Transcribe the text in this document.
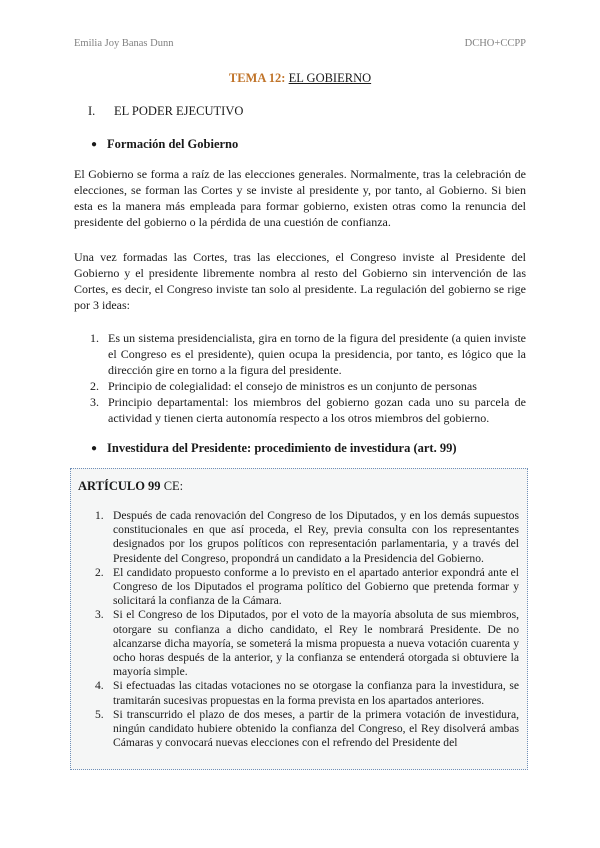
Emilia Joy Banas Dunn	DCHO+CCPP
TEMA 12: EL GOBIERNO
I. EL PODER EJECUTIVO
● Formación del Gobierno

El Gobierno se forma a raíz de las elecciones generales. Normalmente, tras la celebración de elecciones, se forman las Cortes y se inviste al presidente y, por tanto, al Gobierno. Si bien esta es la manera más empleada para formar gobierno, existen otras como la renuncia del presidente del gobierno o la pérdida de una cuestión de confianza.

Una vez formadas las Cortes, tras las elecciones, el Congreso inviste al Presidente del Gobierno y el presidente libremente nombra al resto del Gobierno sin intervención de las Cortes, es decir, el Congreso inviste tan solo al presidente. La regulación del gobierno se rige por 3 ideas:

1. Es un sistema presidencialista, gira en torno de la figura del presidente (a quien inviste el Congreso es el presidente), quien ocupa la presidencia, por tanto, es lógico que la dirección gire en torno a la figura del presidente.
2. Principio de colegialidad: el consejo de ministros es un conjunto de personas
3. Principio departamental: los miembros del gobierno gozan cada uno su parcela de actividad y tienen cierta autonomía respecto a los otros miembros del gobierno.
● Investidura del Presidente: procedimiento de investidura (art. 99)
ARTÍCULO 99 CE:
1. Después de cada renovación del Congreso de los Diputados, y en los demás supuestos constitucionales en que así proceda, el Rey, previa consulta con los representantes designados por los grupos políticos con representación parlamentaria, y a través del Presidente del Congreso, propondrá un candidato a la Presidencia del Gobierno.
2. El candidato propuesto conforme a lo previsto en el apartado anterior expondrá ante el Congreso de los Diputados el programa político del Gobierno que pretenda formar y solicitará la confianza de la Cámara.
3. Si el Congreso de los Diputados, por el voto de la mayoría absoluta de sus miembros, otorgare su confianza a dicho candidato, el Rey le nombrará Presidente. De no alcanzarse dicha mayoría, se someterá la misma propuesta a nueva votación cuarenta y ocho horas después de la anterior, y la confianza se entenderá otorgada si obtuviere la mayoría simple.
4. Si efectuadas las citadas votaciones no se otorgase la confianza para la investidura, se tramitarán sucesivas propuestas en la forma prevista en los apartados anteriores.
5. Si transcurrido el plazo de dos meses, a partir de la primera votación de investidura, ningún candidato hubiere obtenido la confianza del Congreso, el Rey disolverá ambas Cámaras y convocará nuevas elecciones con el refrendo del Presidente del
